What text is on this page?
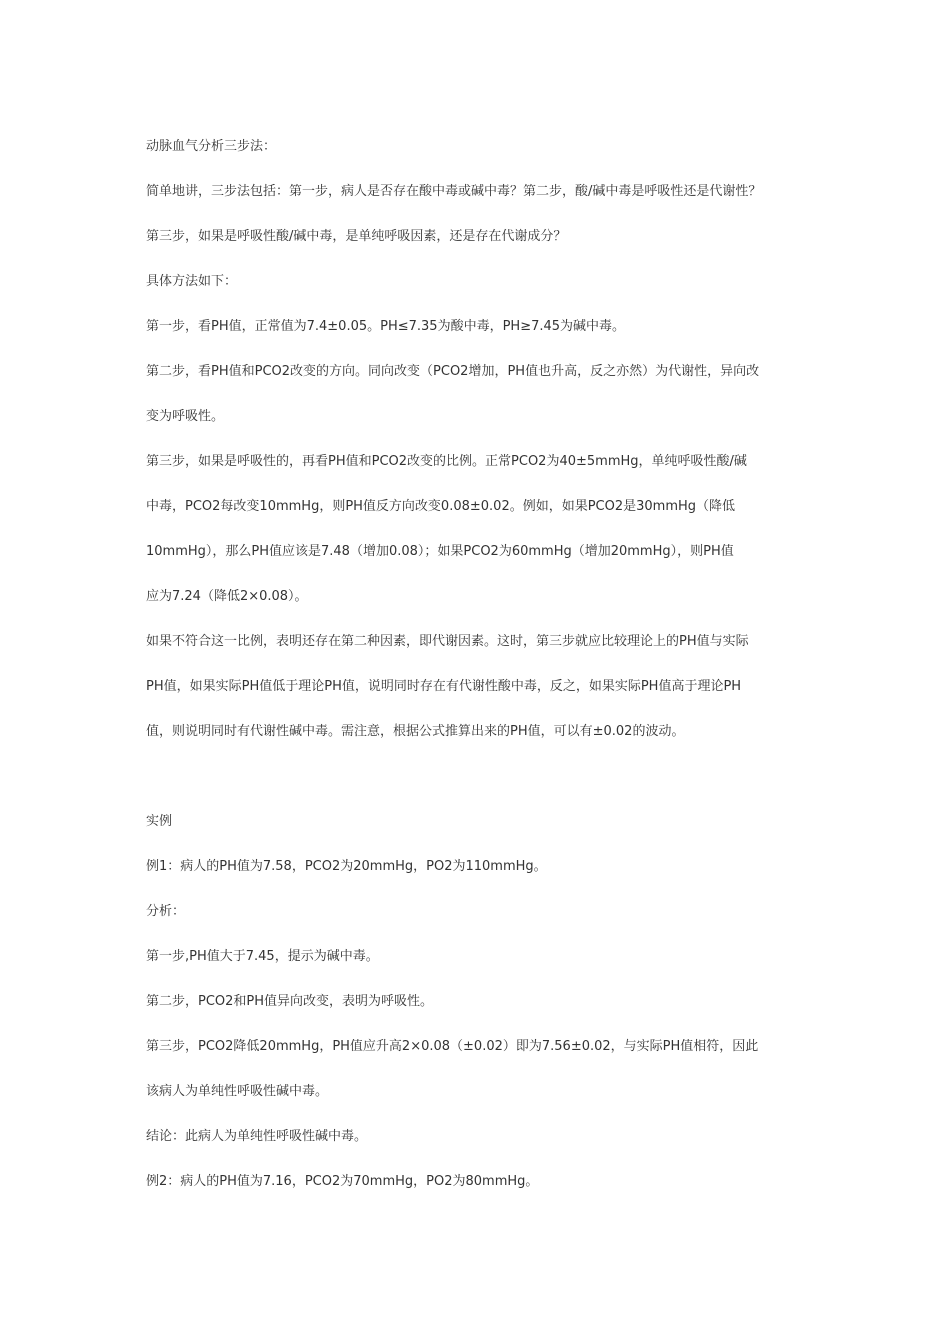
动脉血气分析三步法：
简单地讲，三步法包括：第一步，病人是否存在酸中毒或碱中毒？第二步，酸/碱中毒是呼吸性还是代谢性？
第三步，如果是呼吸性酸/碱中毒，是单纯呼吸因素，还是存在代谢成分？
具体方法如下：
第一步，看PH值，正常值为7.4±0.05。PH≤7.35为酸中毒，PH≥7.45为碱中毒。
第二步，看PH值和PCO2改变的方向。同向改变（PCO2增加，PH值也升高，反之亦然）为代谢性，异向改
变为呼吸性。
第三步，如果是呼吸性的，再看PH值和PCO2改变的比例。正常PCO2为40±5mmHg，单纯呼吸性酸/碱
中毒，PCO2每改变10mmHg，则PH值反方向改变0.08±0.02。例如，如果PCO2是30mmHg（降低
10mmHg），那么PH值应该是7.48（增加0.08）；如果PCO2为60mmHg（增加20mmHg），则PH值
应为7.24（降低2×0.08）。
如果不符合这一比例，表明还存在第二种因素，即代谢因素。这时，第三步就应比较理论上的PH值与实际
PH值，如果实际PH值低于理论PH值，说明同时存在有代谢性酸中毒，反之，如果实际PH值高于理论PH
值，则说明同时有代谢性碱中毒。需注意，根据公式推算出来的PH值，可以有±0.02的波动。
实例
例1：病人的PH值为7.58，PCO2为20mmHg，PO2为110mmHg。
分析：
第一步,PH值大于7.45，提示为碱中毒。
第二步，PCO2和PH值异向改变，表明为呼吸性。
第三步，PCO2降低20mmHg，PH值应升高2×0.08（±0.02）即为7.56±0.02，与实际PH值相符，因此
该病人为单纯性呼吸性碱中毒。
结论：此病人为单纯性呼吸性碱中毒。
例2：病人的PH值为7.16，PCO2为70mmHg，PO2为80mmHg。
